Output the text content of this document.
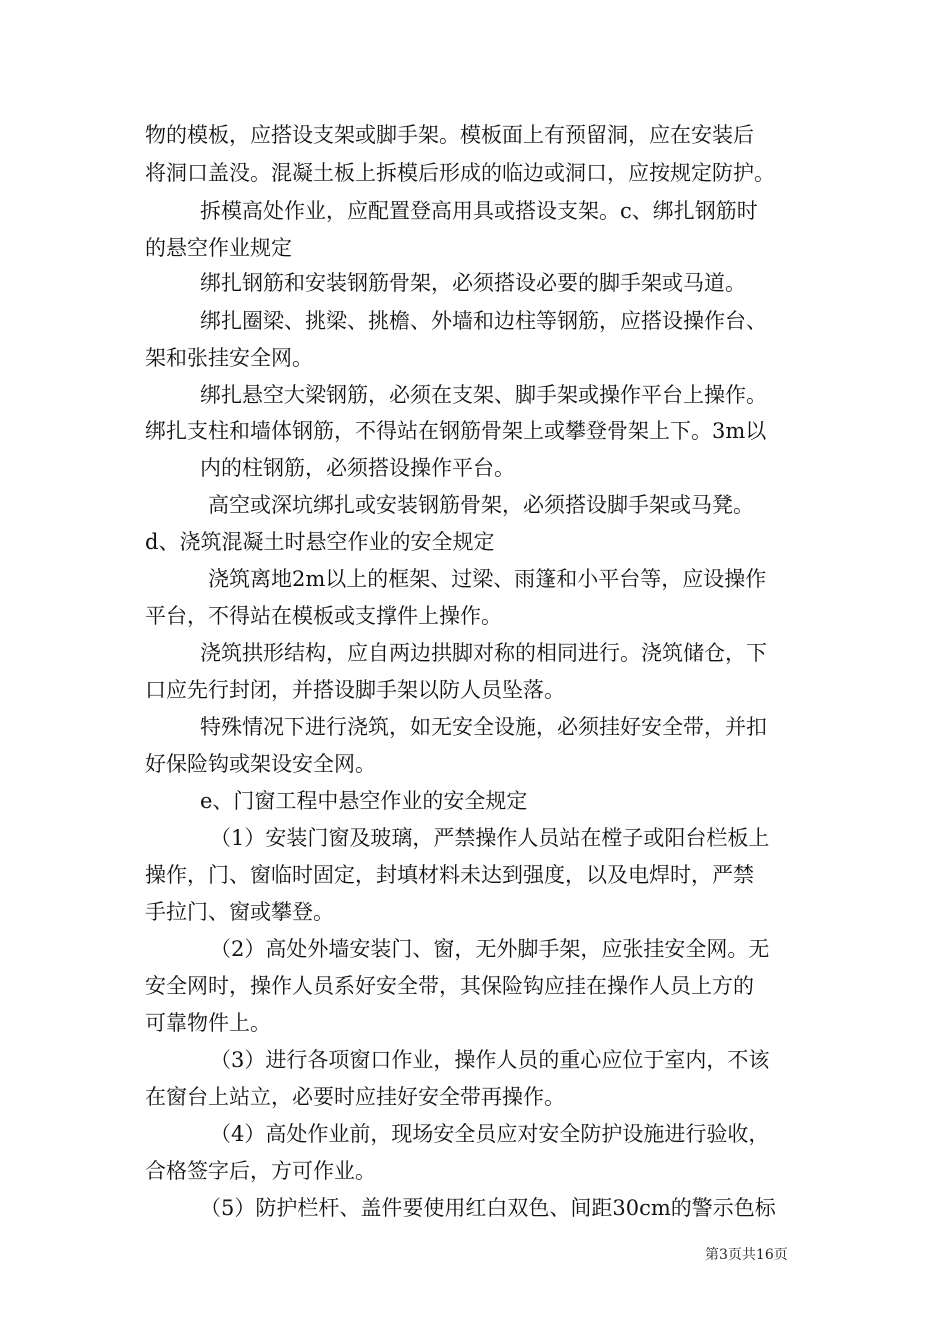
物的模板，应搭设支架或脚手架。模板面上有预留洞，应在安装后
将洞口盖没。混凝土板上拆模后形成的临边或洞口，应按规定防护。
拆模高处作业，应配置登高用具或搭设支架。c、绑扎钢筋时
的悬空作业规定
绑扎钢筋和安装钢筋骨架，必须搭设必要的脚手架或马道。
绑扎圈梁、挑梁、挑檐、外墙和边柱等钢筋，应搭设操作台、
架和张挂安全网。
绑扎悬空大梁钢筋，必须在支架、脚手架或操作平台上操作。
绑扎支柱和墙体钢筋，不得站在钢筋骨架上或攀登骨架上下。3m以
内的柱钢筋，必须搭设操作平台。
高空或深坑绑扎或安装钢筋骨架，必须搭设脚手架或马凳。
d、浇筑混凝土时悬空作业的安全规定
浇筑离地2m以上的框架、过梁、雨篷和小平台等，应设操作
平台，不得站在模板或支撑件上操作。
浇筑拱形结构，应自两边拱脚对称的相同进行。浇筑储仓，下
口应先行封闭，并搭设脚手架以防人员坠落。
特殊情况下进行浇筑，如无安全设施，必须挂好安全带，并扣
好保险钩或架设安全网。
e、门窗工程中悬空作业的安全规定
（1）安装门窗及玻璃，严禁操作人员站在樘子或阳台栏板上
操作，门、窗临时固定，封填材料未达到强度，以及电焊时，严禁
手拉门、窗或攀登。
（2）高处外墙安装门、窗，无外脚手架，应张挂安全网。无
安全网时，操作人员系好安全带，其保险钩应挂在操作人员上方的
可靠物件上。
（3）进行各项窗口作业，操作人员的重心应位于室内，不该
在窗台上站立，必要时应挂好安全带再操作。
（4）高处作业前，现场安全员应对安全防护设施进行验收，
合格签字后，方可作业。
（5）防护栏杆、盖件要使用红白双色、间距30cm的警示色标
第3页共16页
